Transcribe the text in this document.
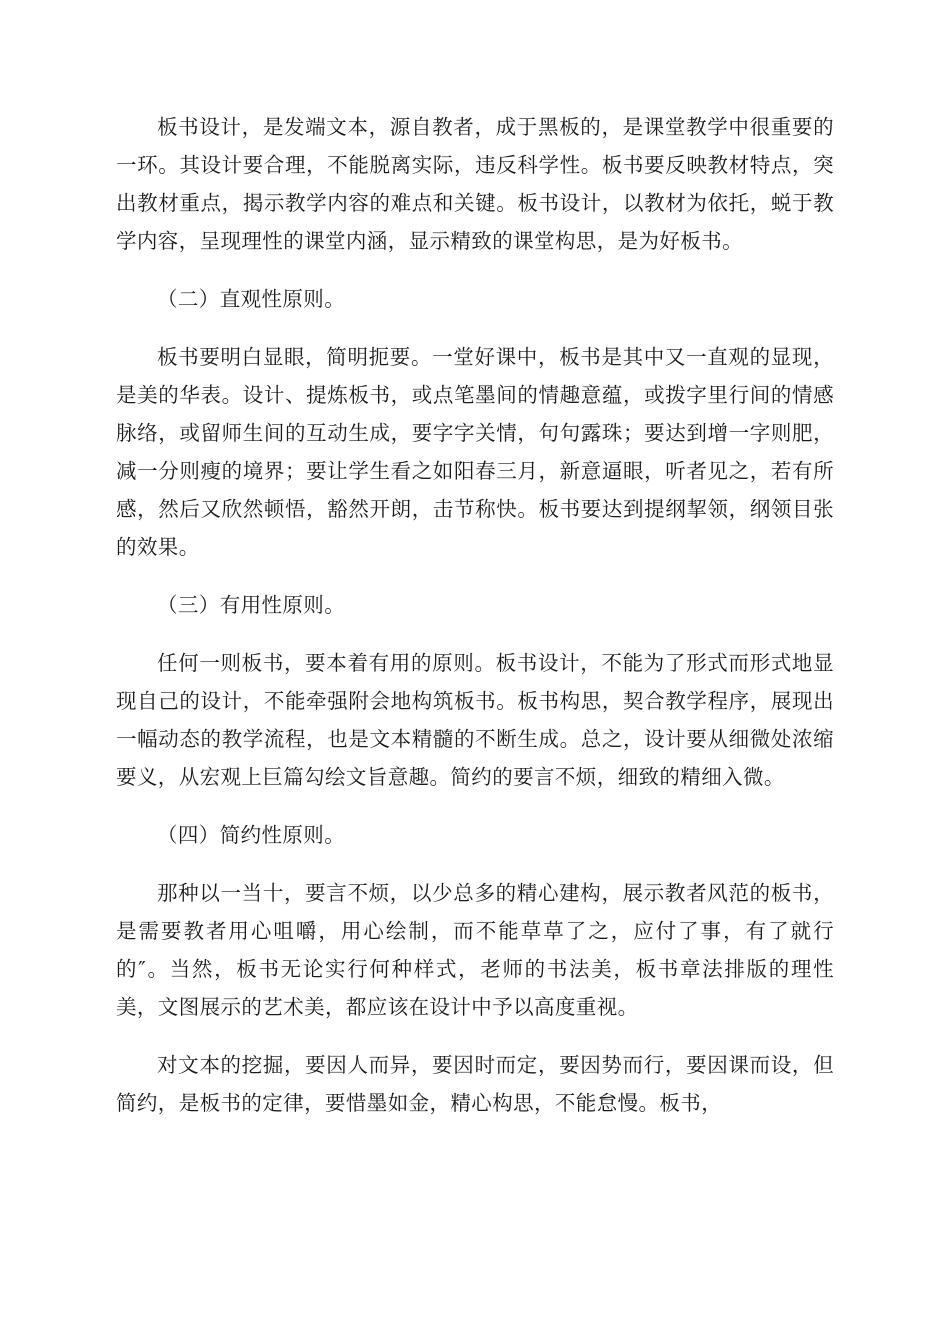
板书设计，是发端文本，源自教者，成于黑板的，是课堂教学中很重要的一环。其设计要合理，不能脱离实际，违反科学性。板书要反映教材特点，突出教材重点，揭示教学内容的难点和关键。板书设计，以教材为依托，蜕于教学内容，呈现理性的课堂内涵，显示精致的课堂构思，是为好板书。

（二）直观性原则。

板书要明白显眼，简明扼要。一堂好课中，板书是其中又一直观的显现，是美的华表。设计、提炼板书，或点笔墨间的情趣意蕴，或拨字里行间的情感脉络，或留师生间的互动生成，要字字关情，句句露珠；要达到增一字则肥，减一分则瘦的境界；要让学生看之如阳春三月，新意逼眼，听者见之，若有所感，然后又欣然顿悟，豁然开朗，击节称快。板书要达到提纲挈领，纲领目张的效果。

（三）有用性原则。

任何一则板书，要本着有用的原则。板书设计，不能为了形式而形式地显现自己的设计，不能牵强附会地构筑板书。板书构思，契合教学程序，展现出一幅动态的教学流程，也是文本精髓的不断生成。总之，设计要从细微处浓缩要义，从宏观上巨篇勾绘文旨意趣。简约的要言不烦，细致的精细入微。

（四）简约性原则。

那种以一当十，要言不烦，以少总多的精心建构，展示教者风范的板书，是需要教者用心咀嚼，用心绘制，而不能草草了之，应付了事，有了就行的″。当然，板书无论实行何种样式，老师的书法美，板书章法排版的理性美，文图展示的艺术美，都应该在设计中予以高度重视。

对文本的挖掘，要因人而异，要因时而定，要因势而行，要因课而设，但简约，是板书的定律，要惜墨如金，精心构思，不能怠慢。板书，
